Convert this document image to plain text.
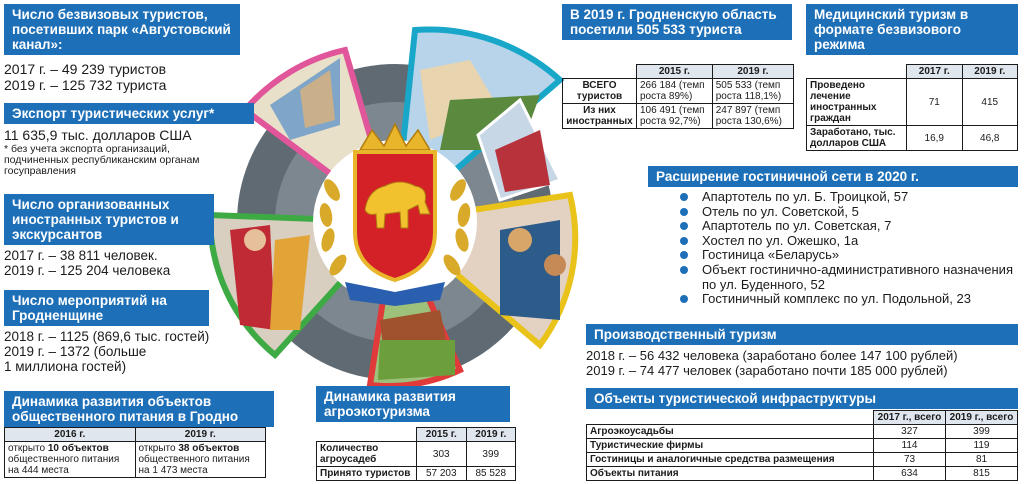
Число безвизовых туристов, посетивших парк «Августовский канал»:
2017 г. – 49 239 туристов
2019 г. – 125 732 туриста
Экспорт туристических услуг*
11 635,9 тыс. долларов США
* без учета экспорта организаций, подчиненных республиканским органам госуправления
Число организованных иностранных туристов и экскурсантов
2017 г. – 38 811 человек.
2019 г. – 125 204 человека
Число мероприятий на Гродненщине
2018 г. – 1125 (869,6 тыс. гостей)
2019 г. – 1372 (больше
1 миллиона гостей)
Динамика развития объектов общественного питания в Гродно
2016 г.	2019 г.
открыто 10 объектов общественного питания на 444 места	открыто 38 объектов общественного питания на 1 473 места
Динамика развития агроэкотуризма
	2015 г.	2019 г.
Количество агроусадеб	303	399
Принято туристов	57 203	85 528
В 2019 г. Гродненскую область посетили 505 533 туриста
	2015 г.	2019 г.
ВСЕГО туристов	266 184 (темп роста 89%)	505 533 (темп роста 118,1%)
Из них иностранных	106 491 (темп роста 92,7%)	247 897 (темп роста 130,6%)
Медицинский туризм в формате безвизового режима
	2017 г.	2019 г.
Проведено лечение иностранных граждан	71	415
Заработано, тыс. долларов США	16,9	46,8
Расширение гостиничной сети в 2020 г.
Апартотель по ул. Б. Троицкой, 57
Отель по ул. Советской, 5
Апартотель по ул. Советская, 7
Хостел по ул. Ожешко, 1а
Гостиница «Беларусь»
Объект гостинично-административного назначения по ул. Буденного, 52
Гостиничный комплекс по ул. Подольной, 23
Производственный туризм
2018 г. – 56 432 человека (заработано более 147 100 рублей)
2019 г. – 74 477 человек (заработано почти 185 000 рублей)
Объекты туристической инфраструктуры
	2017 г., всего	2019 г., всего
Агроэкоусадьбы	327	399
Туристические фирмы	114	119
Гостиницы и аналогичные средства размещения	73	81
Объекты питания	634	815
